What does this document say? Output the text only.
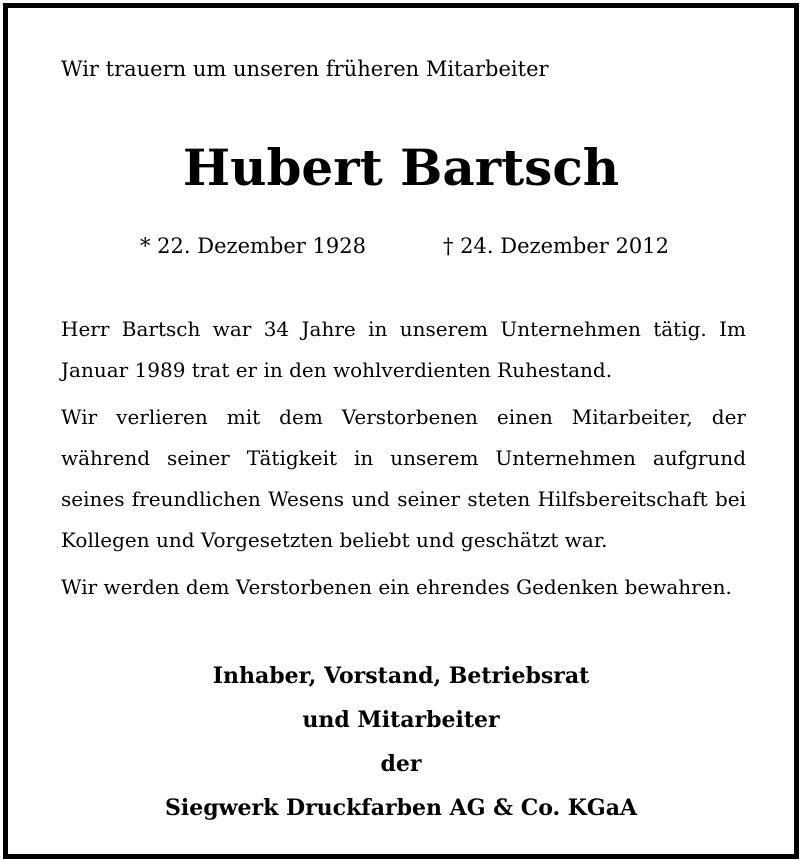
Wir trauern um unseren früheren Mitarbeiter
Hubert Bartsch
* 22. Dezember 1928	† 24. Dezember 2012

Herr Bartsch war 34 Jahre in unserem Unternehmen tätig. Im Januar 1989 trat er in den wohlverdienten Ruhestand.

Wir verlieren mit dem Verstorbenen einen Mitarbeiter, der während seiner Tätigkeit in unserem Unternehmen aufgrund seines freundlichen Wesens und seiner steten Hilfsbereitschaft bei Kollegen und Vorgesetzten beliebt und geschätzt war.

Wir werden dem Verstorbenen ein ehrendes Gedenken bewahren.

Inhaber, Vorstand, Betriebsrat
und Mitarbeiter
der
Siegwerk Druckfarben AG & Co. KGaA
